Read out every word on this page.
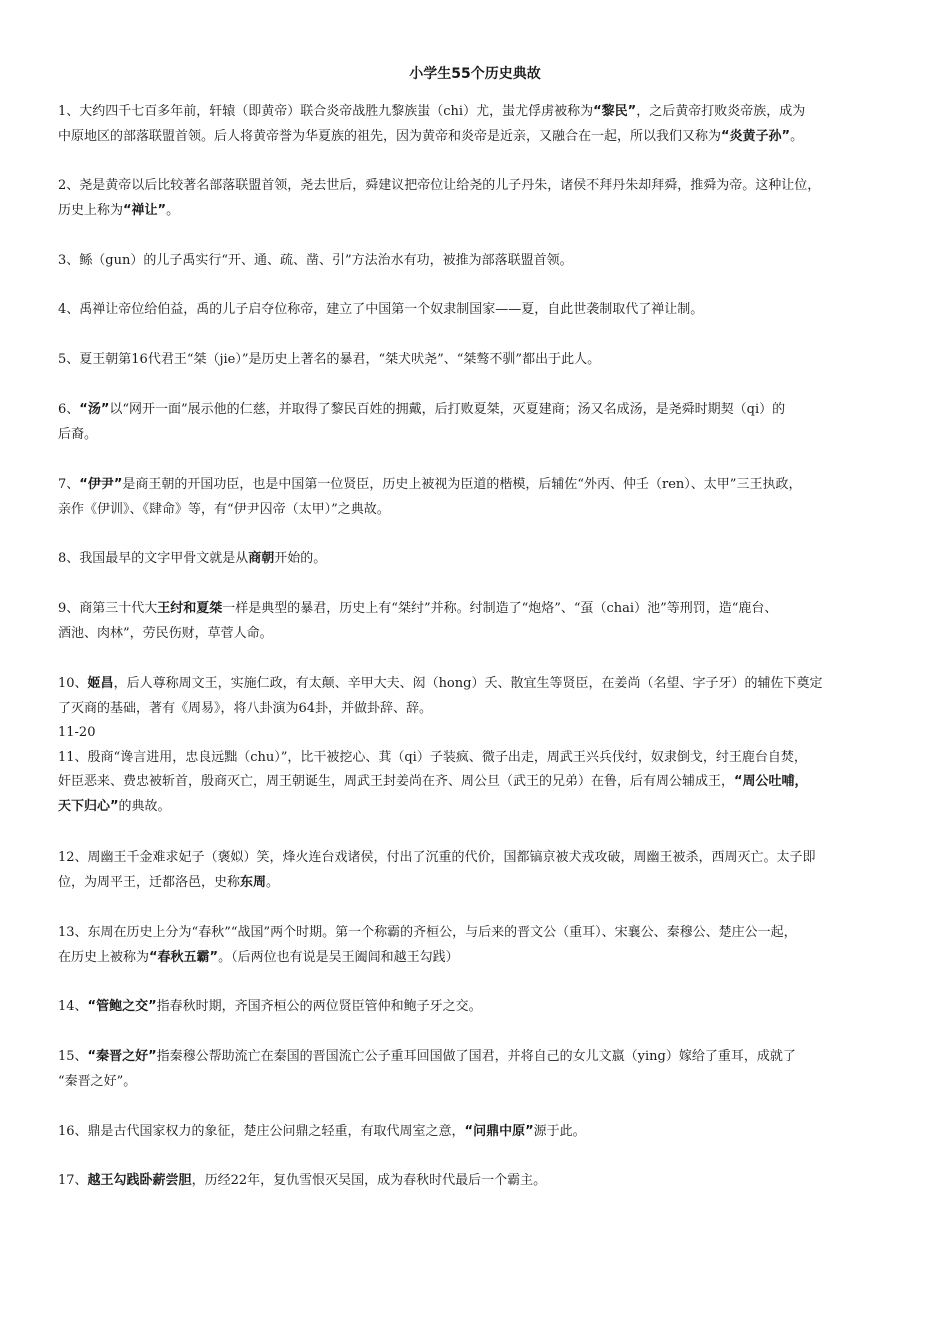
小学生55个历史典故
1、大约四千七百多年前，轩辕（即黄帝）联合炎帝战胜九黎族蚩（chi）尤，蚩尤俘虏被称为“黎民”，之后黄帝打败炎帝族，成为
中原地区的部落联盟首领。后人将黄帝誉为华夏族的祖先，因为黄帝和炎帝是近亲，又融合在一起，所以我们又称为“炎黄子孙”。
2、尧是黄帝以后比较著名部落联盟首领，尧去世后，舜建议把帝位让给尧的儿子丹朱，诸侯不拜丹朱却拜舜，推舜为帝。这种让位，
历史上称为“禅让”。
3、鲧（gun）的儿子禹实行“开、通、疏、凿、引”方法治水有功，被推为部落联盟首领。
4、禹禅让帝位给伯益，禹的儿子启夺位称帝，建立了中国第一个奴隶制国家——夏，自此世袭制取代了禅让制。
5、夏王朝第16代君王“桀（jie）”是历史上著名的暴君，“桀犬吠尧”、“桀骜不驯”都出于此人。
6、“汤”以“网开一面”展示他的仁慈，并取得了黎民百姓的拥戴，后打败夏桀，灭夏建商；汤又名成汤，是尧舜时期契（qi）的
后裔。
7、“伊尹”是商王朝的开国功臣，也是中国第一位贤臣，历史上被视为臣道的楷模，后辅佐“外丙、仲壬（ren）、太甲”三王执政，
亲作《伊训》、《肆命》等，有“伊尹囚帝（太甲）”之典故。
8、我国最早的文字甲骨文就是从商朝开始的。
9、商第三十代大王纣和夏桀一样是典型的暴君，历史上有“桀纣”并称。纣制造了“炮烙”、“虿（chai）池”等刑罚，造“鹿台、
酒池、肉林”，劳民伤财，草菅人命。
10、姬昌，后人尊称周文王，实施仁政，有太颠、辛甲大夫、闳（hong）夭、散宜生等贤臣，在姜尚（名望、字子牙）的辅佐下奠定
了灭商的基础，著有《周易》，将八卦演为64卦，并做卦辞、辞。
11-20
11、殷商“谗言进用，忠良远黜（chu）”，比干被挖心、萁（qi）子装疯、微子出走，周武王兴兵伐纣，奴隶倒戈，纣王鹿台自焚，
奸臣恶来、费忠被斩首，殷商灭亡，周王朝诞生，周武王封姜尚在齐、周公旦（武王的兄弟）在鲁，后有周公辅成王，“周公吐哺，
天下归心”的典故。
12、周幽王千金难求妃子（褒姒）笑，烽火连台戏诸侯，付出了沉重的代价，国都镐京被犬戎攻破，周幽王被杀，西周灭亡。太子即
位，为周平王，迁都洛邑，史称东周。
13、东周在历史上分为“春秋”“战国”两个时期。第一个称霸的齐桓公，与后来的晋文公（重耳）、宋襄公、秦穆公、楚庄公一起，
在历史上被称为“春秋五霸”。（后两位也有说是吴王阖闾和越王勾践）
14、“管鲍之交”指春秋时期，齐国齐桓公的两位贤臣管仲和鲍子牙之交。
15、“秦晋之好”指秦穆公帮助流亡在秦国的晋国流亡公子重耳回国做了国君，并将自己的女儿文嬴（ying）嫁给了重耳，成就了
“秦晋之好”。
16、鼎是古代国家权力的象征，楚庄公问鼎之轻重，有取代周室之意，“问鼎中原”源于此。
17、越王勾践卧薪尝胆，历经22年，复仇雪恨灭吴国，成为春秋时代最后一个霸主。
